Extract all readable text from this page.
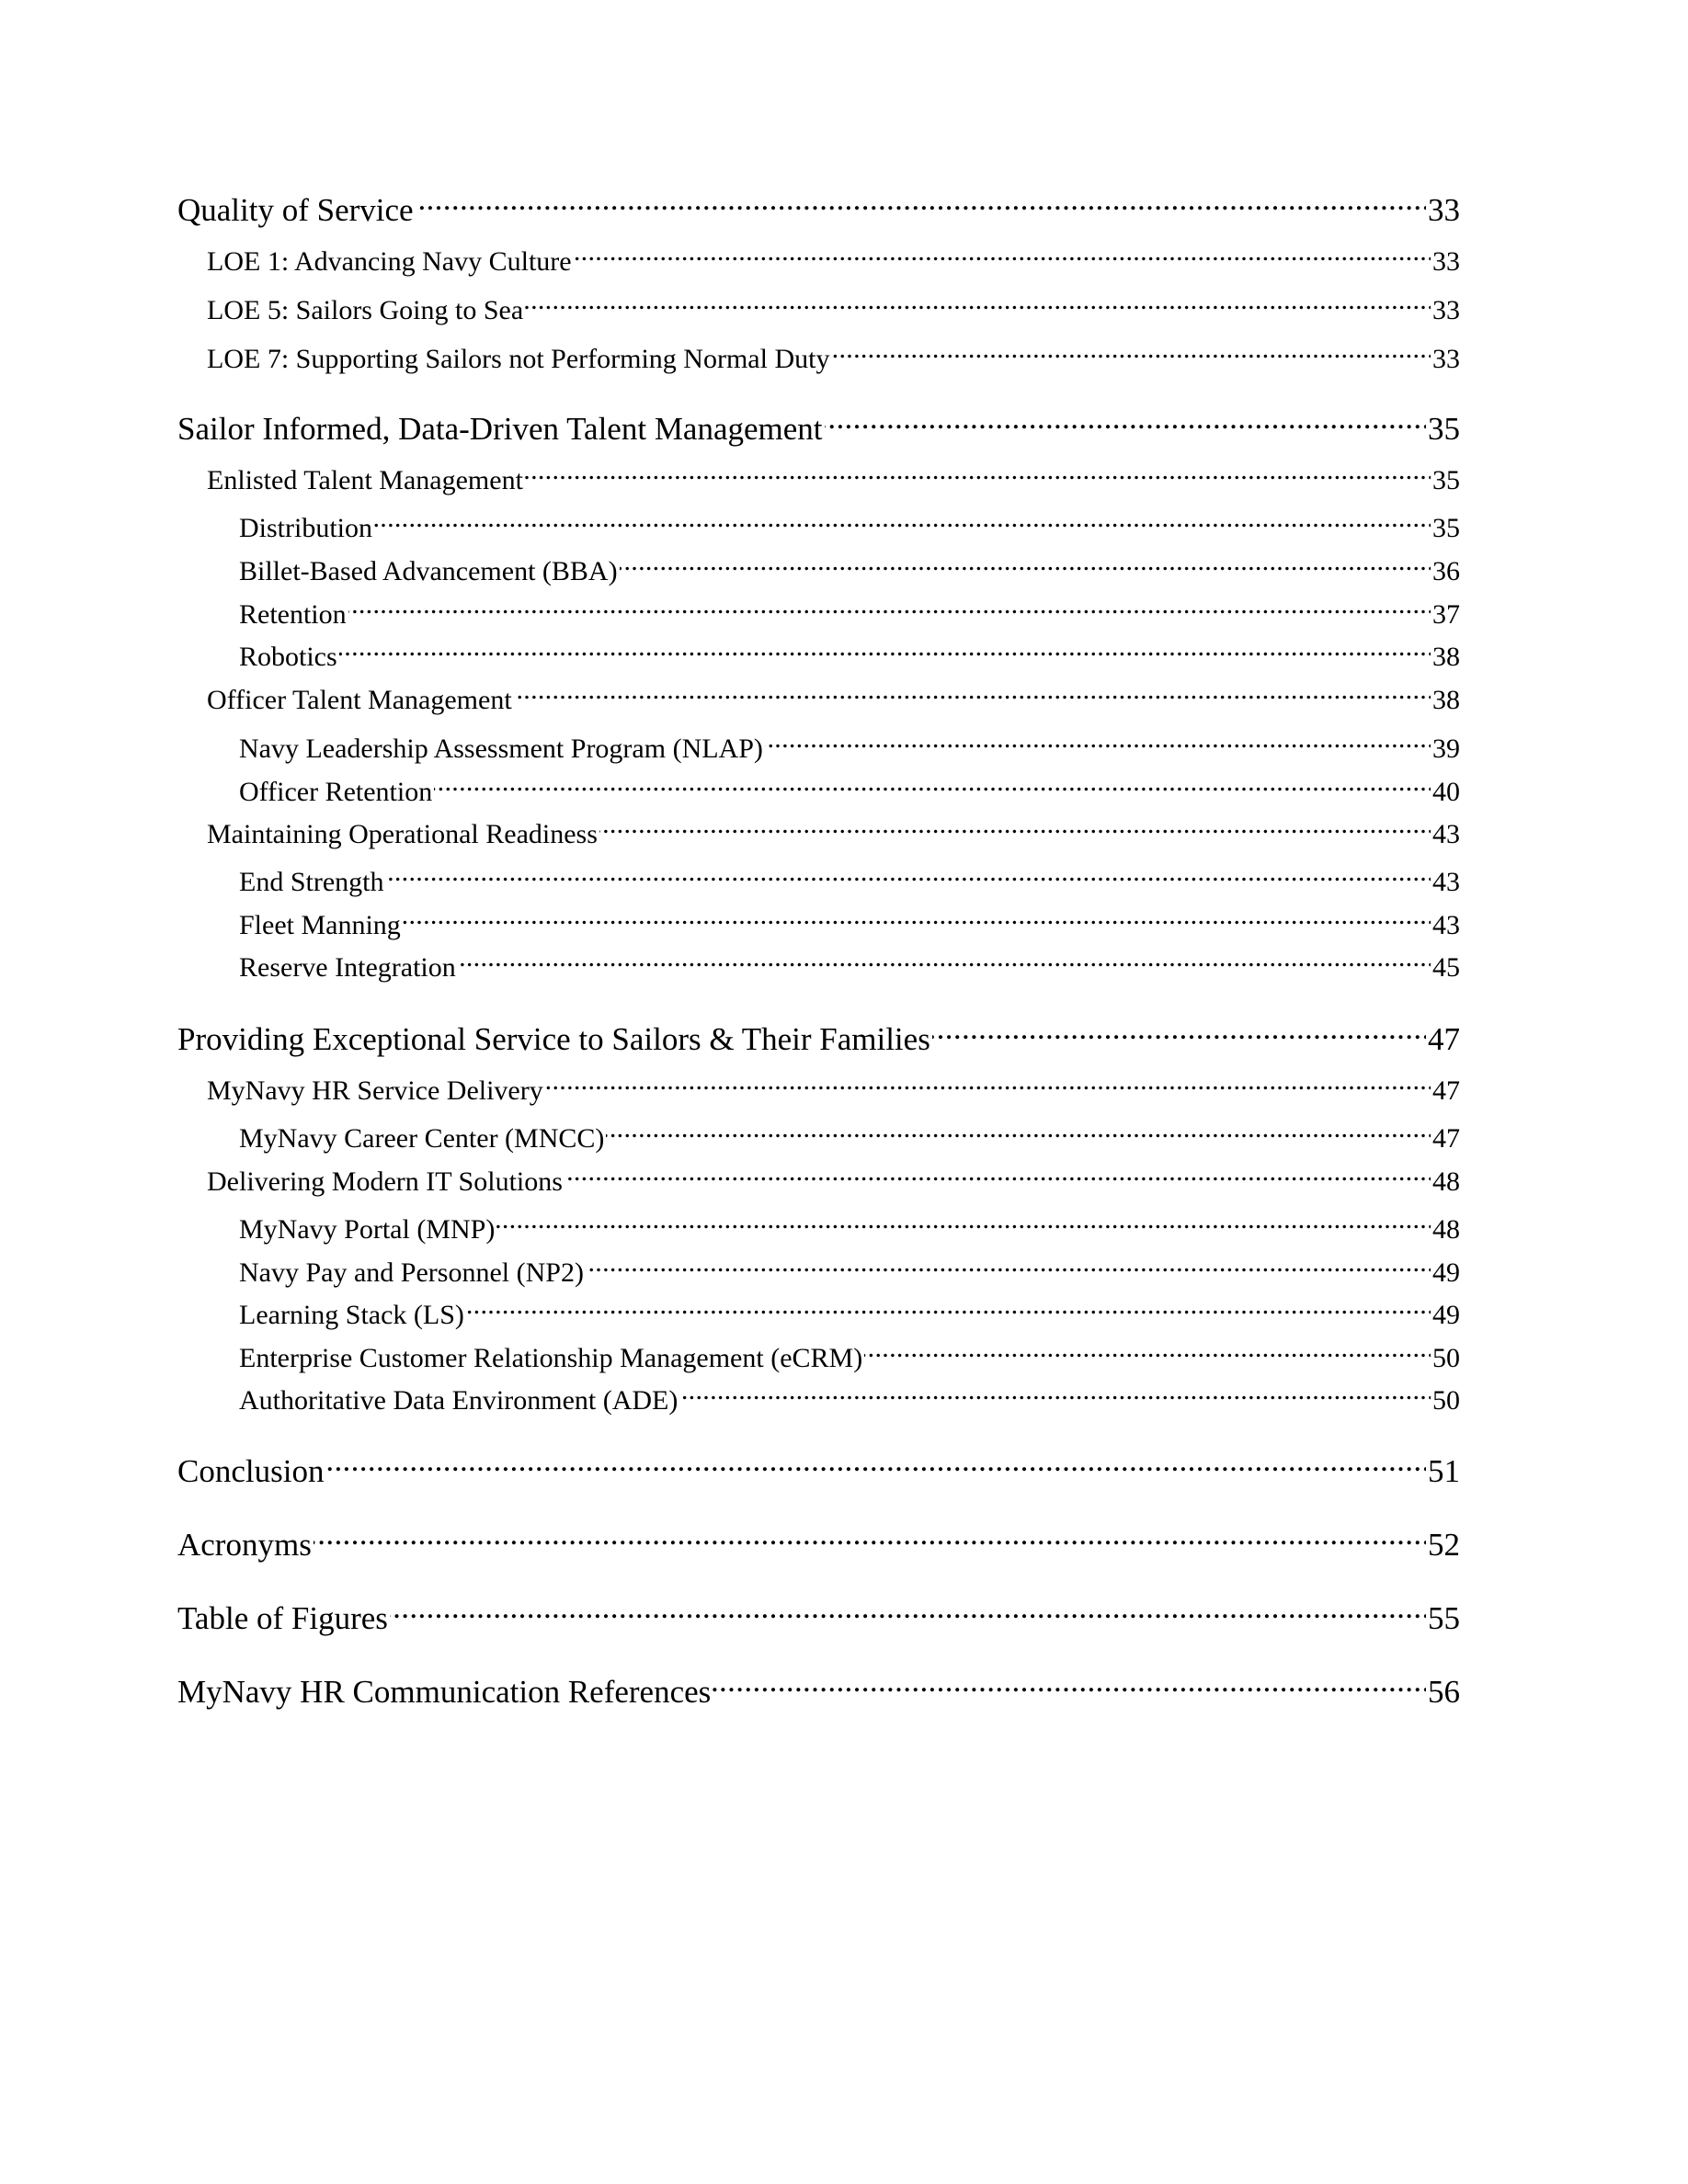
Quality of Service . . .	33
LOE 1: Advancing Navy Culture . . .	33
LOE 5: Sailors Going to Sea . . .	33
LOE 7: Supporting Sailors not Performing Normal Duty . . .	33
Sailor Informed, Data-Driven Talent Management . . .	35
Enlisted Talent Management . . .	35
Distribution . . .	35
Billet-Based Advancement (BBA) . . .	36
Retention . . .	37
Robotics . . .	38
Officer Talent Management . . .	38
Navy Leadership Assessment Program (NLAP) . . .	39
Officer Retention . . .	40
Maintaining Operational Readiness . . .	43
End Strength . . .	43
Fleet Manning . . .	43
Reserve Integration . . .	45
Providing Exceptional Service to Sailors & Their Families . . .	47
MyNavy HR Service Delivery . . .	47
MyNavy Career Center (MNCC) . . .	47
Delivering Modern IT Solutions . . .	48
MyNavy Portal (MNP) . . .	48
Navy Pay and Personnel (NP2) . . .	49
Learning Stack (LS) . . .	49
Enterprise Customer Relationship Management (eCRM) . . .	50
Authoritative Data Environment (ADE) . . .	50
Conclusion . . .	51
Acronyms . . .	52
Table of Figures . . .	55
MyNavy HR Communication References . . .	56
